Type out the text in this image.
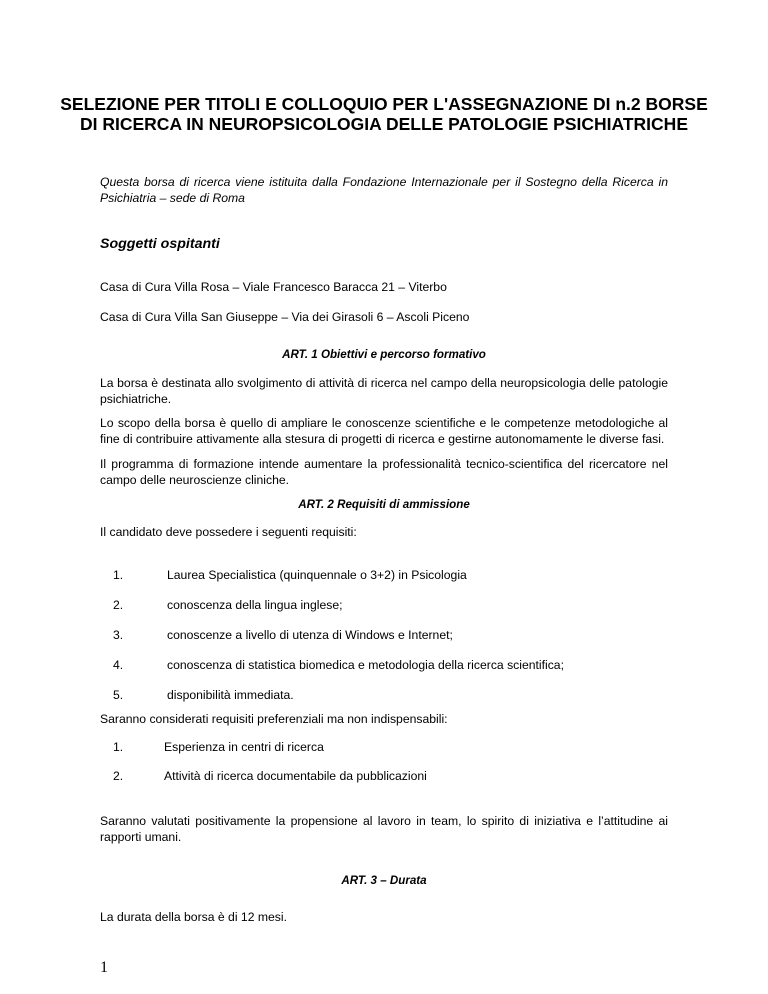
SELEZIONE PER TITOLI E COLLOQUIO PER L'ASSEGNAZIONE DI n.2 BORSE DI RICERCA IN NEUROPSICOLOGIA DELLE PATOLOGIE PSICHIATRICHE

Questa borsa di ricerca viene istituita dalla Fondazione Internazionale per il Sostegno della Ricerca in Psichiatria – sede di Roma

Soggetti ospitanti

Casa di Cura Villa Rosa – Viale Francesco Baracca 21 – Viterbo

Casa di Cura Villa San Giuseppe – Via dei Girasoli 6 – Ascoli Piceno

ART. 1 Obiettivi e percorso formativo

La borsa è destinata allo svolgimento di attività di ricerca nel campo della neuropsicologia delle patologie psichiatriche.

Lo scopo della borsa è quello di ampliare le conoscenze scientifiche e le competenze metodologiche al fine di contribuire attivamente alla stesura di progetti di ricerca e gestirne autonomamente le diverse fasi.

Il programma di formazione intende aumentare la professionalità tecnico-scientifica del ricercatore nel campo delle neuroscienze cliniche.

ART. 2 Requisiti di ammissione

Il candidato deve possedere i seguenti requisiti:

1.	Laurea Specialistica (quinquennale o 3+2) in Psicologia
2.	conoscenza della lingua inglese;
3.	conoscenze a livello di utenza di Windows e Internet;
4.	conoscenza di statistica biomedica e metodologia della ricerca scientifica;
5.	disponibilità immediata.

Saranno considerati requisiti preferenziali ma non indispensabili:

1.	Esperienza in centri di ricerca
2.	Attività di ricerca documentabile da pubblicazioni

Saranno valutati positivamente la propensione al lavoro in team, lo spirito di iniziativa e l’attitudine ai rapporti umani.

ART. 3 – Durata

La durata della borsa è di 12 mesi.

1
